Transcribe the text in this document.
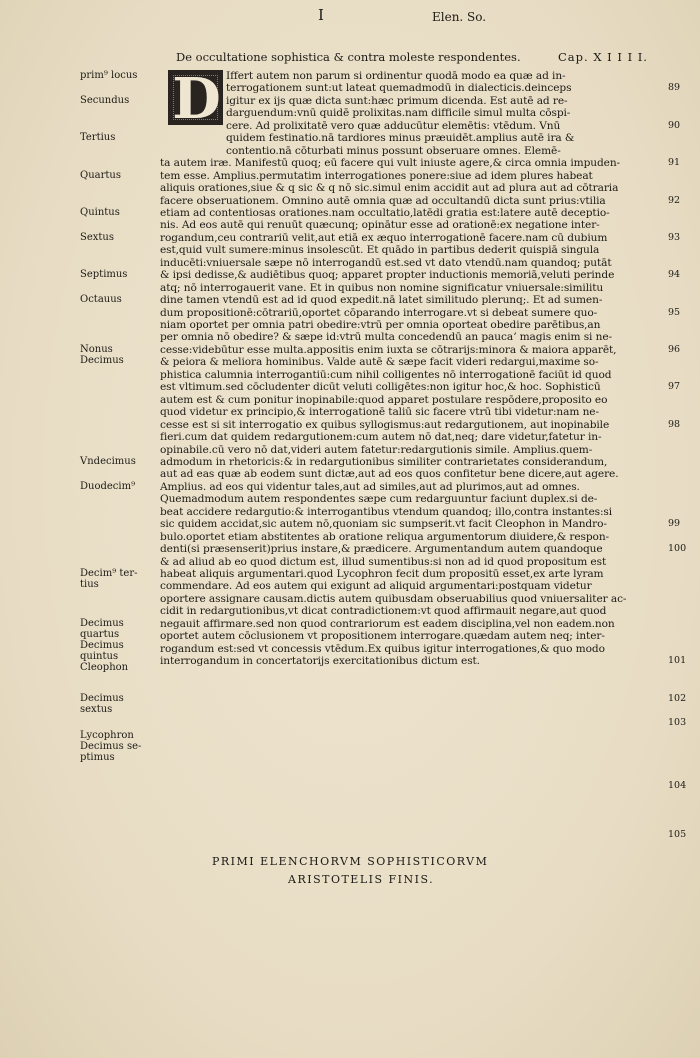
I	Elen. So.
De occultatione sophistica & contra moleste respondentes.	Cap. X I I I I.
D Iffert autem non parum si ordinentur quodā modo ea quæ ad in-
terrogationem sunt:ut lateat quemadmodū in dialecticis.deinceps
igitur ex ijs quæ dicta sunt:hæc primum dicenda. Est autē ad re-
darguendum:vnū quidē prolixitas.nam difficile simul multa cōspi-
cere. Ad prolixitatē vero quæ adducūtur elemētis: vtēdum. Vnū
quidem festinatio.nā tardiores minus præuidēt.amplius autē ira &
contentio.nā cōturbati minus possunt obseruare omnes. Elemē-
ta autem iræ. Manifestū quoq; eū facere qui vult iniuste agere,& circa omnia impuden-
tem esse. Amplius.permutatim interrogationes ponere:siue ad idem plures habeat
aliquis orationes,siue & q sic & q nō sic.simul enim accidit aut ad plura aut ad cōtraria
facere obseruationem. Omnino autē omnia quæ ad occultandū dicta sunt prius:vtilia
etiam ad contentiosas orationes.nam occultatio,latēdi gratia est:latere autē deceptio-
nis. Ad eos autē qui renuūt quæcunq; opinātur esse ad orationē:ex negatione inter-
rogandum,ceu contrariū velit,aut etiā ex æquo interrogationē facere.nam cū dubium
est,quid vult sumere:minus insolescūt. Et quādo in partibus dederit quispiā singula
inducēti:vniuersale sæpe nō interrogandū est.sed vt dato vtendū.nam quandoq; putāt
& ipsi dedisse,& audiētibus quoq; apparet propter inductionis memoriā,veluti perinde
atq; nō interrogauerit vane. Et in quibus non nomine significatur vniuersale:similitu
dine tamen vtendū est ad id quod expedit.nā latet similitudo plerunq;. Et ad sumen-
dum propositionē:cōtrariū,oportet cōparando interrogare.vt si debeat sumere quo-
niam oportet per omnia patri obedire:vtrū per omnia oporteat obedire parētibus,an
per omnia nō obedire? & sæpe id:vtrū multa concedendū an paucaʼ magis enim si ne-
cesse:videbūtur esse multa.appositis enim iuxta se cōtrarijs:minora & maiora apparēt,
& peiora & meliora hominibus. Valde autē & sæpe facit videri redargui,maxime so-
phistica calumnia interrogantiū:cum nihil colligentes nō interrogationē faciūt id quod
est vltimum.sed cōcludenter dicūt veluti colligētes:non igitur hoc,& hoc. Sophisticū
autem est & cum ponitur inopinabile:quod apparet postulare respōdere,proposito eo
quod videtur ex principio,& interrogationē taliū sic facere vtrū tibi videtur:nam ne-
cesse est si sit interrogatio ex quibus syllogismus:aut redargutionem, aut inopinabile
fieri.cum dat quidem redargutionem:cum autem nō dat,neq; dare videtur,fatetur in-
opinabile.cū vero nō dat,videri autem fatetur:redargutionis simile. Amplius.quem-
admodum in rhetoricis:& in redargutionibus similiter contrarietates considerandum,
aut ad eas quæ ab eodem sunt dictæ,aut ad eos quos confitetur bene dicere,aut agere.
Amplius. ad eos qui videntur tales,aut ad similes,aut ad plurimos,aut ad omnes.
Quemadmodum autem respondentes sæpe cum redarguuntur faciunt duplex.si de-
beat accidere redargutio:& interrogantibus vtendum quandoq; illo,contra instantes:si
sic quidem accidat,sic autem nō,quoniam sic sumpserit.vt facit Cleophon in Mandro-
bulo.oportet etiam abstitentes ab oratione reliqua argumentorum diuidere,& respon-
denti(si præsenserit)prius instare,& prædicere. Argumentandum autem quandoque
& ad aliud ab eo quod dictum est, illud sumentibus:si non ad id quod propositum est
habeat aliquis argumentari.quod Lycophron fecit dum propositū esset,ex arte lyram
commendare. Ad eos autem qui exigunt ad aliquid argumentari:postquam videtur
oportere assignare causam.dictis autem quibusdam obseruabilius quod vniuersaliter ac-
cidit in redargutionibus,vt dicat contradictionem:vt quod affirmauit negare,aut quod
negauit affirmare.sed non quod contrariorum est eadem disciplina,vel non eadem.non
oportet autem cōclusionem vt propositionem interrogare.quædam autem neq; inter-
rogandum est:sed vt concessis vtēdum.Ex quibus igitur interrogationes,& quo modo
interrogandum in concertatorijs exercitationibus dictum est.
prim⁹ locus
Secundus
Tertius
Quartus
Quintus
Sextus
Septimus
Octauus
Nonus
Decimus
Vndecimus
Duodecim⁹
Decim⁹ ter-
tius
Decimus
quartus
Decimus
quintus
Cleophon
Decimus
sextus
Lycophron
Decimus se-
ptimus
89
90
91
92
93
94
95
96
97
98
99
100
101
102
103
104
105
PRIMI ELENCHORVM SOPHISTICORVM
ARISTOTELIS FINIS.
